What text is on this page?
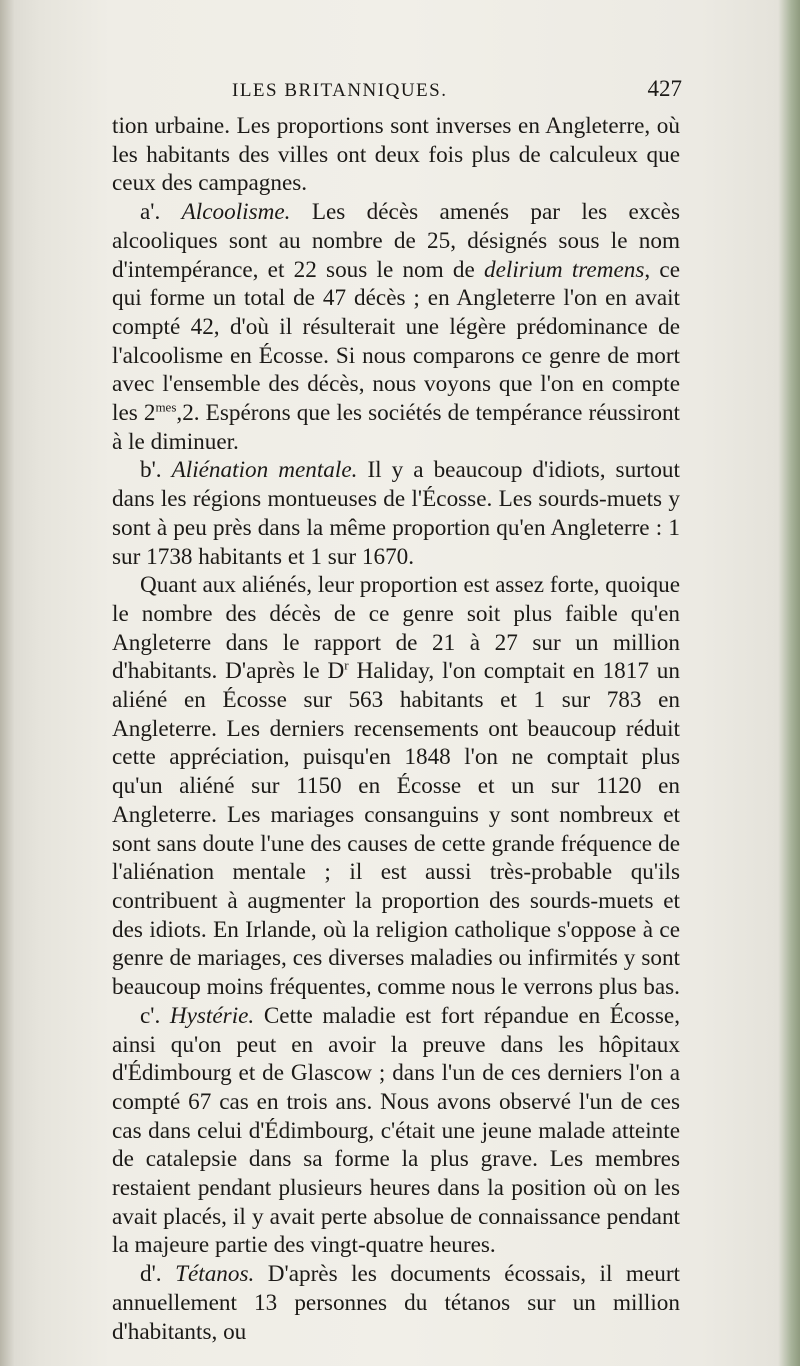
ILES BRITANNIQUES.	427

tion urbaine. Les proportions sont inverses en Angleterre, où les habitants des villes ont deux fois plus de calculeux que ceux des campagnes.

a'. Alcoolisme. Les décès amenés par les excès alcooliques sont au nombre de 25, désignés sous le nom d'intempérance, et 22 sous le nom de delirium tremens, ce qui forme un total de 47 décès ; en Angleterre l'on en avait compté 42, d'où il résulterait une légère prédominance de l'alcoolisme en Écosse. Si nous comparons ce genre de mort avec l'ensemble des décès, nous voyons que l'on en compte les $2^{mes},2$. Espérons que les sociétés de tempérance réussiront à le diminuer.

b'. Aliénation mentale. Il y a beaucoup d'idiots, surtout dans les régions montueuses de l'Écosse. Les sourds-muets y sont à peu près dans la même proportion qu'en Angleterre : 1 sur 1738 habitants et 1 sur 1670.

Quant aux aliénés, leur proportion est assez forte, quoique le nombre des décès de ce genre soit plus faible qu'en Angleterre dans le rapport de 21 à 27 sur un million d'habitants. D'après le $D^r$ Haliday, l'on comptait en 1817 un aliéné en Écosse sur 563 habitants et 1 sur 783 en Angleterre. Les derniers recensements ont beaucoup réduit cette appréciation, puisqu'en 1848 l'on ne comptait plus qu'un aliéné sur 1150 en Écosse et un sur 1120 en Angleterre. Les mariages consanguins y sont nombreux et sont sans doute l'une des causes de cette grande fréquence de l'aliénation mentale ; il est aussi très-probable qu'ils contribuent à augmenter la proportion des sourds-muets et des idiots. En Irlande, où la religion catholique s'oppose à ce genre de mariages, ces diverses maladies ou infirmités y sont beaucoup moins fréquentes, comme nous le verrons plus bas.

c'. Hystérie. Cette maladie est fort répandue en Écosse, ainsi qu'on peut en avoir la preuve dans les hôpitaux d'Édimbourg et de Glascow ; dans l'un de ces derniers l'on a compté 67 cas en trois ans. Nous avons observé l'un de ces cas dans celui d'Édimbourg, c'était une jeune malade atteinte de catalepsie dans sa forme la plus grave. Les membres restaient pendant plusieurs heures dans la position où on les avait placés, il y avait perte absolue de connaissance pendant la majeure partie des vingt-quatre heures.

d'. Tétanos. D'après les documents écossais, il meurt annuellement 13 personnes du tétanos sur un million d'habitants, ou
